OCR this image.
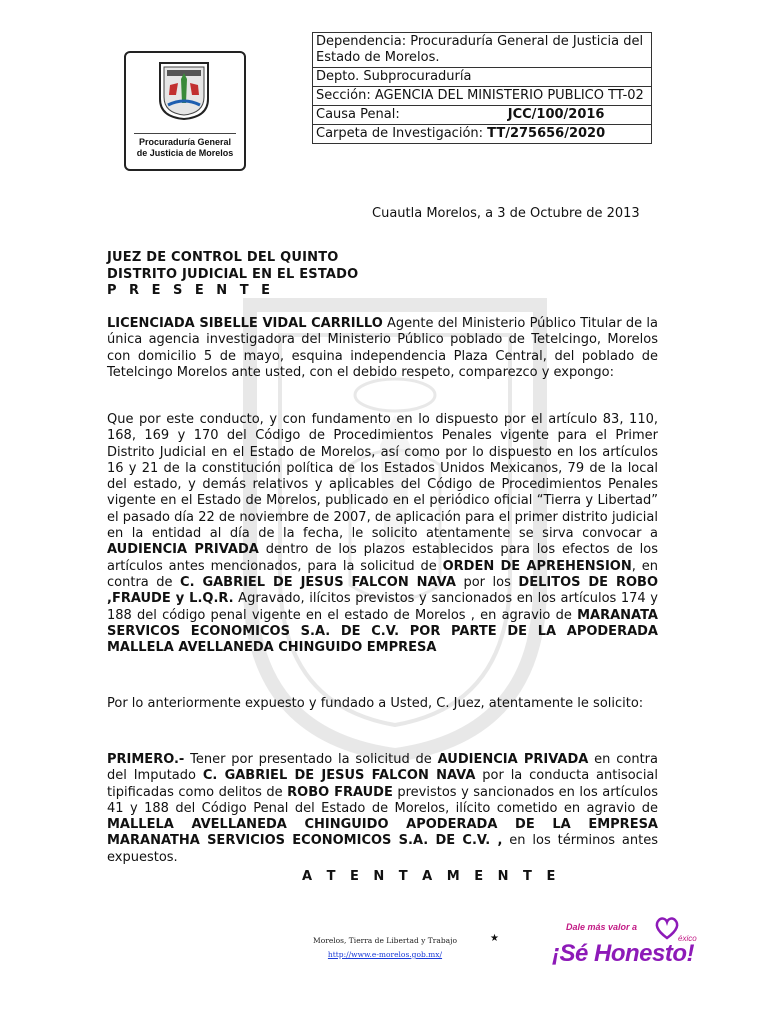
Procuraduría General
de Justicia de Morelos
Dependencia: Procuraduría General de Justicia del Estado de Morelos.
Depto. Subprocuraduría
Sección: AGENCIA DEL MINISTERIO PUBLICO TT-02
Causa Penal:	JCC/100/2016
Carpeta de Investigación: TT/275656/2020
Cuautla Morelos, a 3 de Octubre de 2013
JUEZ DE CONTROL DEL QUINTO
DISTRITO JUDICIAL EN EL ESTADO
P R E S E N T E
LICENCIADA SIBELLE VIDAL CARRILLO Agente del Ministerio Público Titular de la única agencia investigadora del Ministerio Público poblado de Tetelcingo, Morelos con domicilio 5 de mayo, esquina independencia Plaza Central, del poblado de Tetelcingo Morelos ante usted, con el debido respeto, comparezco y expongo:
Que por este conducto, y con fundamento en lo dispuesto por el artículo 83, 110, 168, 169 y 170 del Código de Procedimientos Penales vigente para el Primer Distrito Judicial en el Estado de Morelos, así como por lo dispuesto en los artículos 16 y 21 de la constitución política de los Estados Unidos Mexicanos, 79 de la local del estado, y demás relativos y aplicables del Código de Procedimientos Penales vigente en el Estado de Morelos, publicado en el periódico oficial “Tierra y Libertad” el pasado día 22 de noviembre de 2007, de aplicación para el primer distrito judicial en la entidad al día de la fecha, le solicito atentamente se sirva convocar a AUDIENCIA PRIVADA dentro de los plazos establecidos para los efectos de los artículos antes mencionados, para la solicitud de ORDEN DE APREHENSION, en contra de C. GABRIEL DE JESUS FALCON NAVA por los DELITOS DE ROBO ,FRAUDE y L.Q.R. Agravado, ilícitos previstos y sancionados en los artículos 174 y 188 del código penal vigente en el estado de Morelos , en agravio de MARANATA SERVICOS ECONOMICOS S.A. DE C.V. POR PARTE DE LA APODERADA MALLELA AVELLANEDA CHINGUIDO EMPRESA
Por lo anteriormente expuesto y fundado a Usted, C. Juez, atentamente le solicito:
PRIMERO.- Tener por presentado la solicitud de AUDIENCIA PRIVADA en contra del Imputado C. GABRIEL DE JESUS FALCON NAVA por la conducta antisocial tipificadas como delitos de ROBO FRAUDE previstos y sancionados en los artículos 41 y 188 del Código Penal del Estado de Morelos, ilícito cometido en agravio de MALLELA AVELLANEDA CHINGUIDO APODERADA DE LA EMPRESA MARANATHA SERVICIOS ECONOMICOS S.A. DE C.V. , en los términos antes expuestos.
A T E N T A M E N T E
Morelos, Tierra de Libertad y Trabajo
http://www.e-morelos.gob.mx/
★
Dale más valor a
éxico
¡Sé Honesto!
